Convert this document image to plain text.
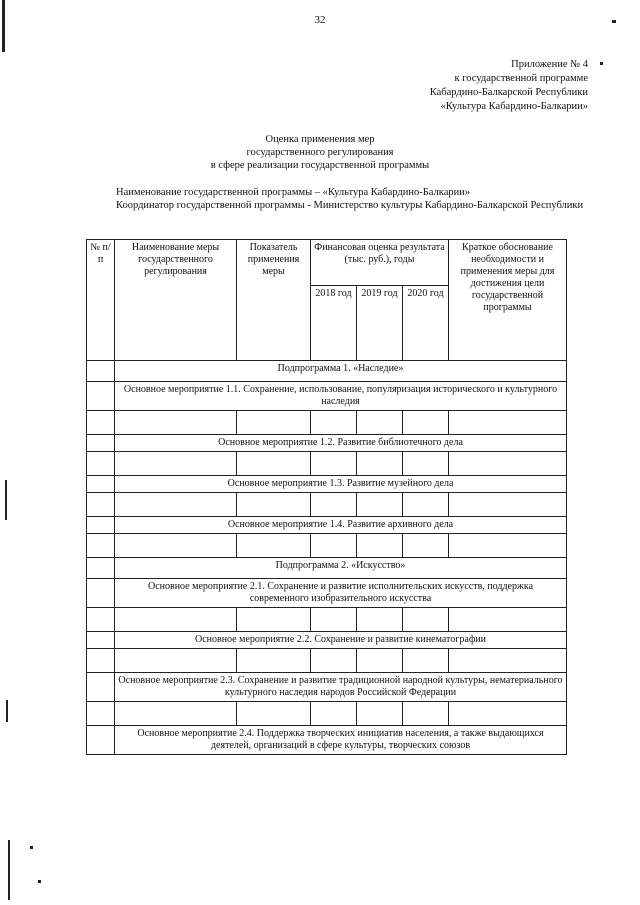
32
Приложение № 4
к государственной программе
Кабардино-Балкарской Республики
«Культура Кабардино-Балкарии»
Оценка применения мер
государственного регулирования
в сфере реализации государственной программы
Наименование государственной программы – «Культура Кабардино-Балкарии»
Координатор государственной программы - Министерство культуры Кабардино-Балкарской Республики
№ п/п	Наименование меры государственного регулирования	Показатель применения меры	Финансовая оценка результата (тыс. руб.), годы			Краткое обоснование необходимости и применения меры для достижения цели государственной программы
			2018 год	2019 год	2020 год	
	Подпрограмма 1. «Наследие»					
	Основное мероприятие 1.1. Сохранение, использование, популяризация исторического и культурного наследия					

	Основное мероприятие 1.2. Развитие библиотечного дела					

	Основное мероприятие 1.3. Развитие музейного дела					

	Основное мероприятие 1.4. Развитие архивного дела					

	Подпрограмма 2. «Искусство»					
	Основное мероприятие 2.1. Сохранение и развитие исполнительских искусств, поддержка современного изобразительного искусства					

	Основное мероприятие 2.2. Сохранение и развитие кинематографии					

	Основное мероприятие 2.3. Сохранение и развитие традиционной народной культуры, нематериального культурного наследия народов Российской Федерации					

	Основное мероприятие 2.4. Поддержка творческих инициатив населения, а также выдающихся деятелей, организаций в сфере культуры, творческих союзов					
